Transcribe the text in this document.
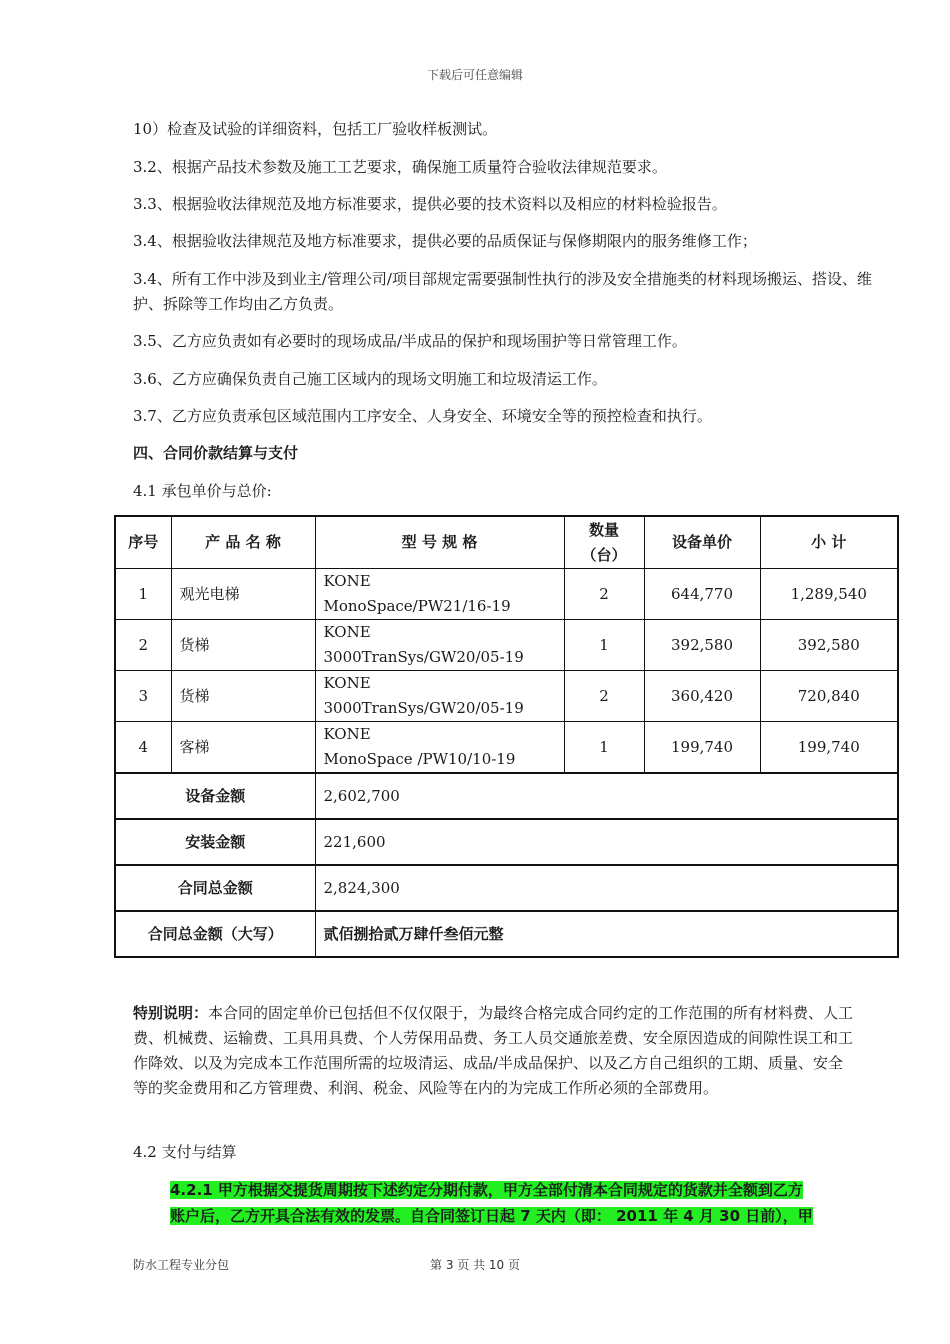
下载后可任意编辑

10）检查及试验的详细资料，包括工厂验收样板测试。

3.2、根据产品技术参数及施工工艺要求，确保施工质量符合验收法律规范要求。

3.3、根据验收法律规范及地方标准要求，提供必要的技术资料以及相应的材料检验报告。

3.4、根据验收法律规范及地方标准要求，提供必要的品质保证与保修期限内的服务维修工作；

3.4、所有工作中涉及到业主/管理公司/项目部规定需要强制性执行的涉及安全措施类的材料现场搬运、搭设、维护、拆除等工作均由乙方负责。

3.5、乙方应负责如有必要时的现场成品/半成品的保护和现场围护等日常管理工作。

3.6、乙方应确保负责自己施工区域内的现场文明施工和垃圾清运工作。

3.7、乙方应负责承包区域范围内工序安全、人身安全、环境安全等的预控检查和执行。

四、合同价款结算与支付

4.1 承包单价与总价:

序号	产 品 名 称	型 号 规 格	数量（台）	设备单价	小 计
1	观光电梯	KONE
MonoSpace/PW21/16-19	2	644,770	1,289,540
2	货梯	KONE
3000TranSys/GW20/05-19	1	392,580	392,580
3	货梯	KONE
3000TranSys/GW20/05-19	2	360,420	720,840
4	客梯	KONE
MonoSpace /PW10/10-19	1	199,740	199,740
设备金额		2,602,700			
安装金额		221,600			
合同总金额		2,824,300			
合同总金额（大写）		贰佰捌拾贰万肆仟叁佰元整			

特别说明：本合同的固定单价已包括但不仅仅限于，为最终合格完成合同约定的工作范围的所有材料费、人工费、机械费、运输费、工具用具费、个人劳保用品费、务工人员交通旅差费、安全原因造成的间隙性误工和工作降效、以及为完成本工作范围所需的垃圾清运、成品/半成品保护、以及乙方自己组织的工期、质量、安全等的奖金费用和乙方管理费、利润、税金、风险等在内的为完成工作所必须的全部费用。

4.2 支付与结算

4.2.1 甲方根据交提货周期按下述约定分期付款，甲方全部付清本合同规定的货款并全额到乙方
账户后，乙方开具合法有效的发票。自合同签订日起 7 天内（即： 2011 年 4 月 30 日前），甲
防水工程专业分包	第 3 页 共 10 页
